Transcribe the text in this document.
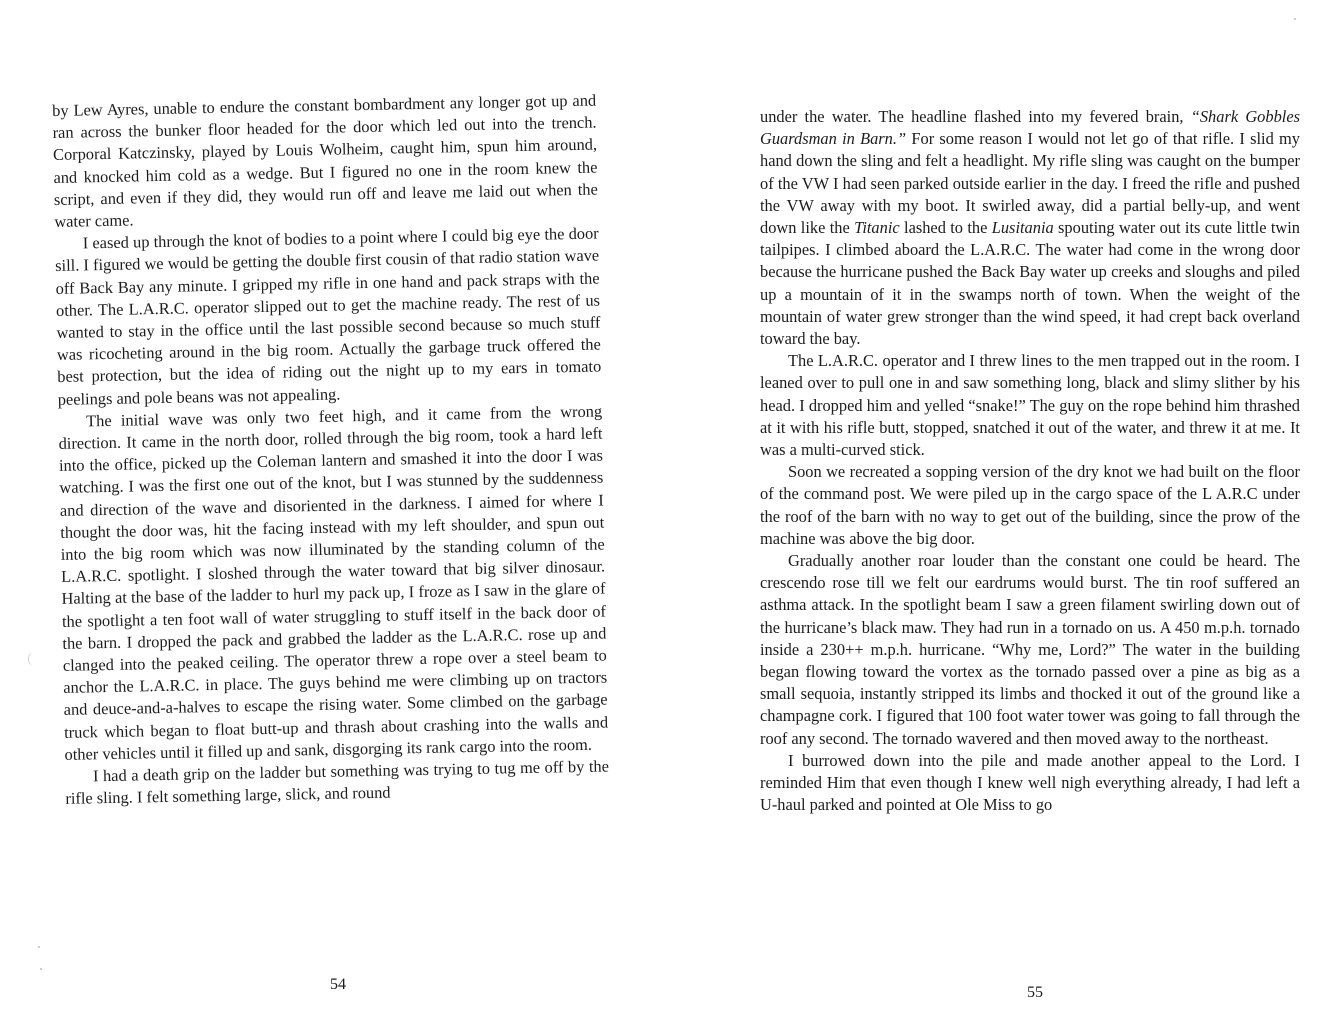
by Lew Ayres, unable to endure the constant bombardment any longer got up and ran across the bunker floor headed for the door which led out into the trench. Corporal Katczinsky, played by Louis Wolheim, caught him, spun him around, and knocked him cold as a wedge. But I figured no one in the room knew the script, and even if they did, they would run off and leave me laid out when the water came.

I eased up through the knot of bodies to a point where I could big eye the door sill. I figured we would be getting the double first cousin of that radio station wave off Back Bay any minute. I gripped my rifle in one hand and pack straps with the other. The L.A.R.C. operator slipped out to get the machine ready. The rest of us wanted to stay in the office until the last possible second because so much stuff was ricocheting around in the big room. Actually the garbage truck offered the best protection, but the idea of riding out the night up to my ears in tomato peelings and pole beans was not appealing.

The initial wave was only two feet high, and it came from the wrong direction. It came in the north door, rolled through the big room, took a hard left into the office, picked up the Coleman lantern and smashed it into the door I was watching. I was the first one out of the knot, but I was stunned by the suddenness and direction of the wave and disoriented in the darkness. I aimed for where I thought the door was, hit the facing instead with my left shoulder, and spun out into the big room which was now illuminated by the standing column of the L.A.R.C. spotlight. I sloshed through the water toward that big silver dinosaur. Halting at the base of the ladder to hurl my pack up, I froze as I saw in the glare of the spotlight a ten foot wall of water struggling to stuff itself in the back door of the barn. I dropped the pack and grabbed the ladder as the L.A.R.C. rose up and clanged into the peaked ceiling. The operator threw a rope over a steel beam to anchor the L.A.R.C. in place. The guys behind me were climbing up on tractors and deuce-and-a-halves to escape the rising water. Some climbed on the garbage truck which began to float butt-up and thrash about crashing into the walls and other vehicles until it filled up and sank, disgorging its rank cargo into the room.

I had a death grip on the ladder but something was trying to tug me off by the rifle sling. I felt something large, slick, and round

54

under the water. The headline flashed into my fevered brain, “Shark Gobbles Guardsman in Barn.” For some reason I would not let go of that rifle. I slid my hand down the sling and felt a headlight. My rifle sling was caught on the bumper of the VW I had seen parked outside earlier in the day. I freed the rifle and pushed the VW away with my boot. It swirled away, did a partial belly-up, and went down like the Titanic lashed to the Lusitania spouting water out its cute little twin tailpipes. I climbed aboard the L.A.R.C. The water had come in the wrong door because the hurricane pushed the Back Bay water up creeks and sloughs and piled up a mountain of it in the swamps north of town. When the weight of the mountain of water grew stronger than the wind speed, it had crept back overland toward the bay.

The L.A.R.C. operator and I threw lines to the men trapped out in the room. I leaned over to pull one in and saw something long, black and slimy slither by his head. I dropped him and yelled “snake!” The guy on the rope behind him thrashed at it with his rifle butt, stopped, snatched it out of the water, and threw it at me. It was a multi-curved stick.

Soon we recreated a sopping version of the dry knot we had built on the floor of the command post. We were piled up in the cargo space of the L A.R.C under the roof of the barn with no way to get out of the building, since the prow of the machine was above the big door.

Gradually another roar louder than the constant one could be heard. The crescendo rose till we felt our eardrums would burst. The tin roof suffered an asthma attack. In the spotlight beam I saw a green filament swirling down out of the hurricane’s black maw. They had run in a tornado on us. A 450 m.p.h. tornado inside a 230++ m.p.h. hurricane. “Why me, Lord?” The water in the building began flowing toward the vortex as the tornado passed over a pine as big as a small sequoia, instantly stripped its limbs and thocked it out of the ground like a champagne cork. I figured that 100 foot water tower was going to fall through the roof any second. The tornado wavered and then moved away to the northeast.

I burrowed down into the pile and made another appeal to the Lord. I reminded Him that even though I knew well nigh everything already, I had left a U-haul parked and pointed at Ole Miss to go

55
